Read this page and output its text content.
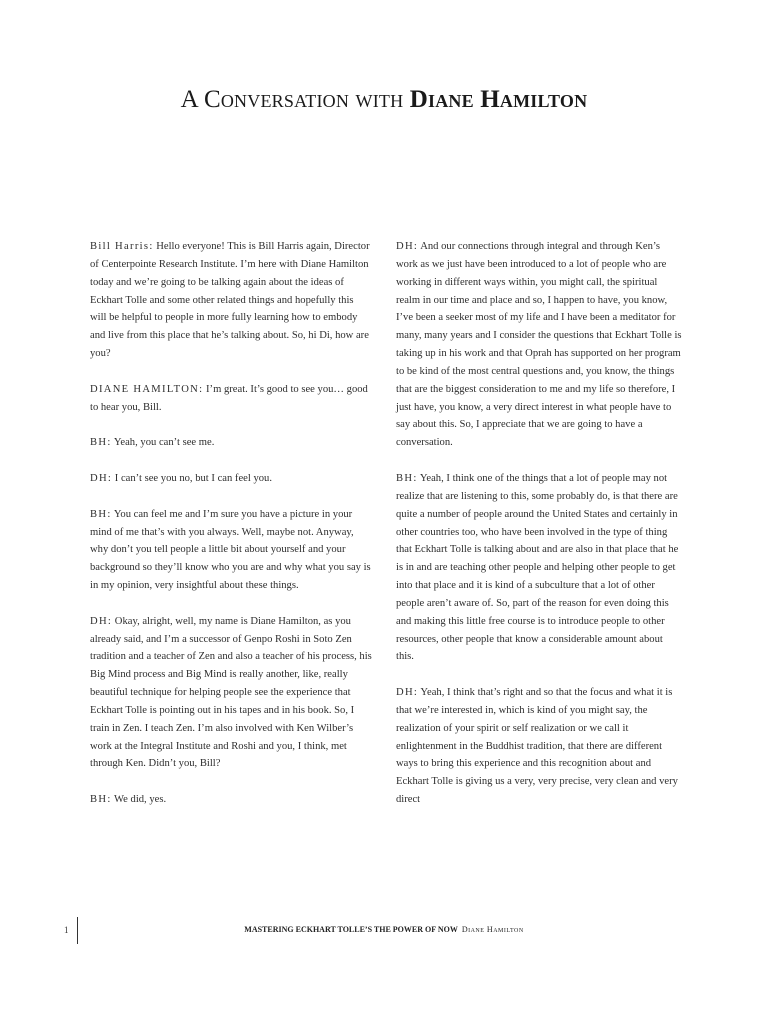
A Conversation with Diane Hamilton

Bill Harris: Hello everyone! This is Bill Harris again, Director of Centerpointe Research Institute. I’m here with Diane Hamilton today and we’re going to be talking again about the ideas of Eckhart Tolle and some other related things and hopefully this will be helpful to people in more fully learning how to embody and live from this place that he’s talking about. So, hi Di, how are you?

DIANE HAMILTON: I’m great. It’s good to see you… good to hear you, Bill.

BH: Yeah, you can’t see me.

DH: I can’t see you no, but I can feel you.

BH: You can feel me and I’m sure you have a picture in your mind of me that’s with you always. Well, maybe not. Anyway, why don’t you tell people a little bit about yourself and your background so they’ll know who you are and why what you say is in my opinion, very insightful about these things.

DH: Okay, alright, well, my name is Diane Hamilton, as you already said, and I’m a successor of Genpo Roshi in Soto Zen tradition and a teacher of Zen and also a teacher of his process, his Big Mind process and Big Mind is really another, like, really beautiful technique for helping people see the experience that Eckhart Tolle is pointing out in his tapes and in his book. So, I train in Zen. I teach Zen. I’m also involved with Ken Wilber’s work at the Integral Institute and Roshi and you, I think, met through Ken. Didn’t you, Bill?

BH: We did, yes.

DH: And our connections through integral and through Ken’s work as we just have been introduced to a lot of people who are working in different ways within, you might call, the spiritual realm in our time and place and so, I happen to have, you know, I’ve been a seeker most of my life and I have been a meditator for many, many years and I consider the questions that Eckhart Tolle is taking up in his work and that Oprah has supported on her program to be kind of the most central questions and, you know, the things that are the biggest consideration to me and my life so therefore, I just have, you know, a very direct interest in what people have to say about this. So, I appreciate that we are going to have a conversation.

BH: Yeah, I think one of the things that a lot of people may not realize that are listening to this, some probably do, is that there are quite a number of people around the United States and certainly in other countries too, who have been involved in the type of thing that Eckhart Tolle is talking about and are also in that place that he is in and are teaching other people and helping other people to get into that place and it is kind of a subculture that a lot of other people aren’t aware of. So, part of the reason for even doing this and making this little free course is to introduce people to other resources, other people that know a considerable amount about this.

DH: Yeah, I think that’s right and so that the focus and what it is that we’re interested in, which is kind of you might say, the realization of your spirit or self realization or we call it enlightenment in the Buddhist tradition, that there are different ways to bring this experience and this recognition about and Eckhart Tolle is giving us a very, very precise, very clean and very direct

1	MASTERING ECKHART TOLLE’S THE POWER OF NOW Diane Hamilton
